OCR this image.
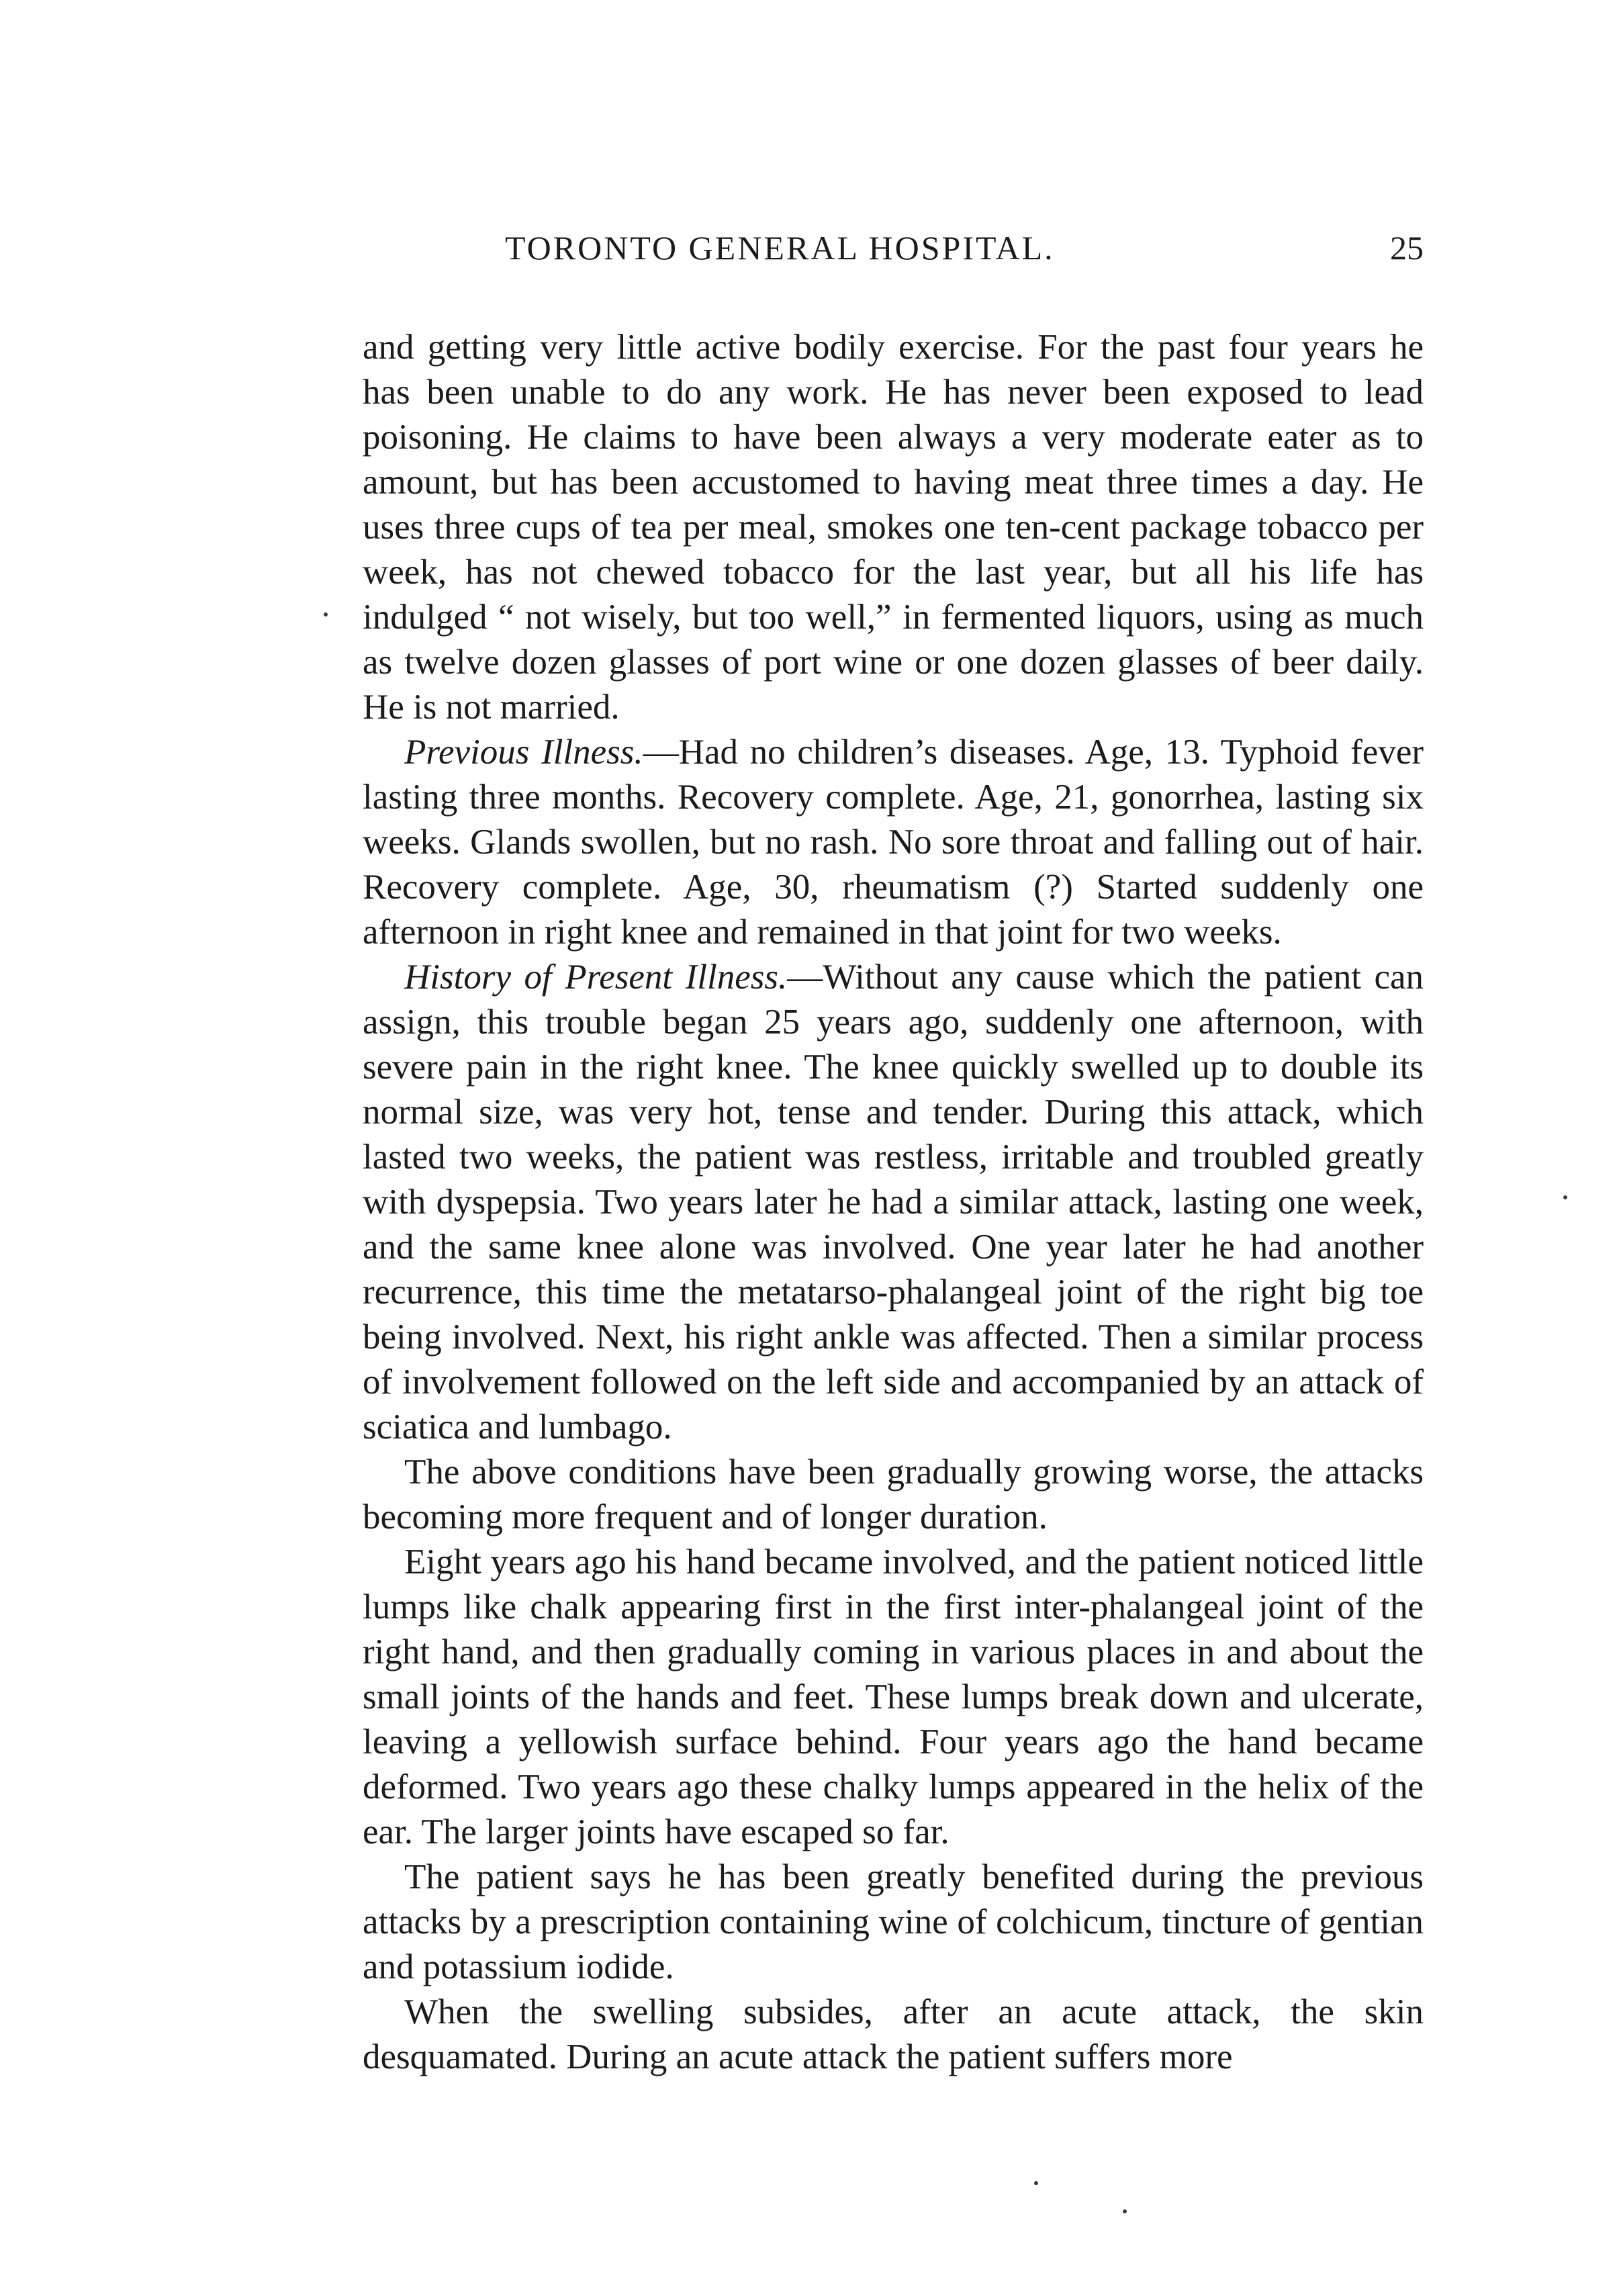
TORONTO GENERAL HOSPITAL.	25

and getting very little active bodily exercise. For the past four years he has been unable to do any work. He has never been exposed to lead poisoning. He claims to have been always a very moderate eater as to amount, but has been accustomed to having meat three times a day. He uses three cups of tea per meal, smokes one ten-cent package tobacco per week, has not chewed tobacco for the last year, but all his life has indulged “ not wisely, but too well,” in fermented liquors, using as much as twelve dozen glasses of port wine or one dozen glasses of beer daily. He is not married.

Previous Illness.—Had no children’s diseases. Age, 13. Typhoid fever lasting three months. Recovery complete. Age, 21, gonorrhea, lasting six weeks. Glands swollen, but no rash. No sore throat and falling out of hair. Recovery complete. Age, 30, rheumatism (?) Started suddenly one afternoon in right knee and remained in that joint for two weeks.

History of Present Illness.—Without any cause which the patient can assign, this trouble began 25 years ago, suddenly one afternoon, with severe pain in the right knee. The knee quickly swelled up to double its normal size, was very hot, tense and tender. During this attack, which lasted two weeks, the patient was restless, irritable and troubled greatly with dyspepsia. Two years later he had a similar attack, lasting one week, and the same knee alone was involved. One year later he had another recurrence, this time the metatarso-phalangeal joint of the right big toe being involved. Next, his right ankle was affected. Then a similar process of involvement followed on the left side and accompanied by an attack of sciatica and lumbago.

The above conditions have been gradually growing worse, the attacks becoming more frequent and of longer duration.

Eight years ago his hand became involved, and the patient noticed little lumps like chalk appearing first in the first inter-phalangeal joint of the right hand, and then gradually coming in various places in and about the small joints of the hands and feet. These lumps break down and ulcerate, leaving a yellowish surface behind. Four years ago the hand became deformed. Two years ago these chalky lumps appeared in the helix of the ear. The larger joints have escaped so far.

The patient says he has been greatly benefited during the previous attacks by a prescription containing wine of colchicum, tincture of gentian and potassium iodide.

When the swelling subsides, after an acute attack, the skin desquamated. During an acute attack the patient suffers more
